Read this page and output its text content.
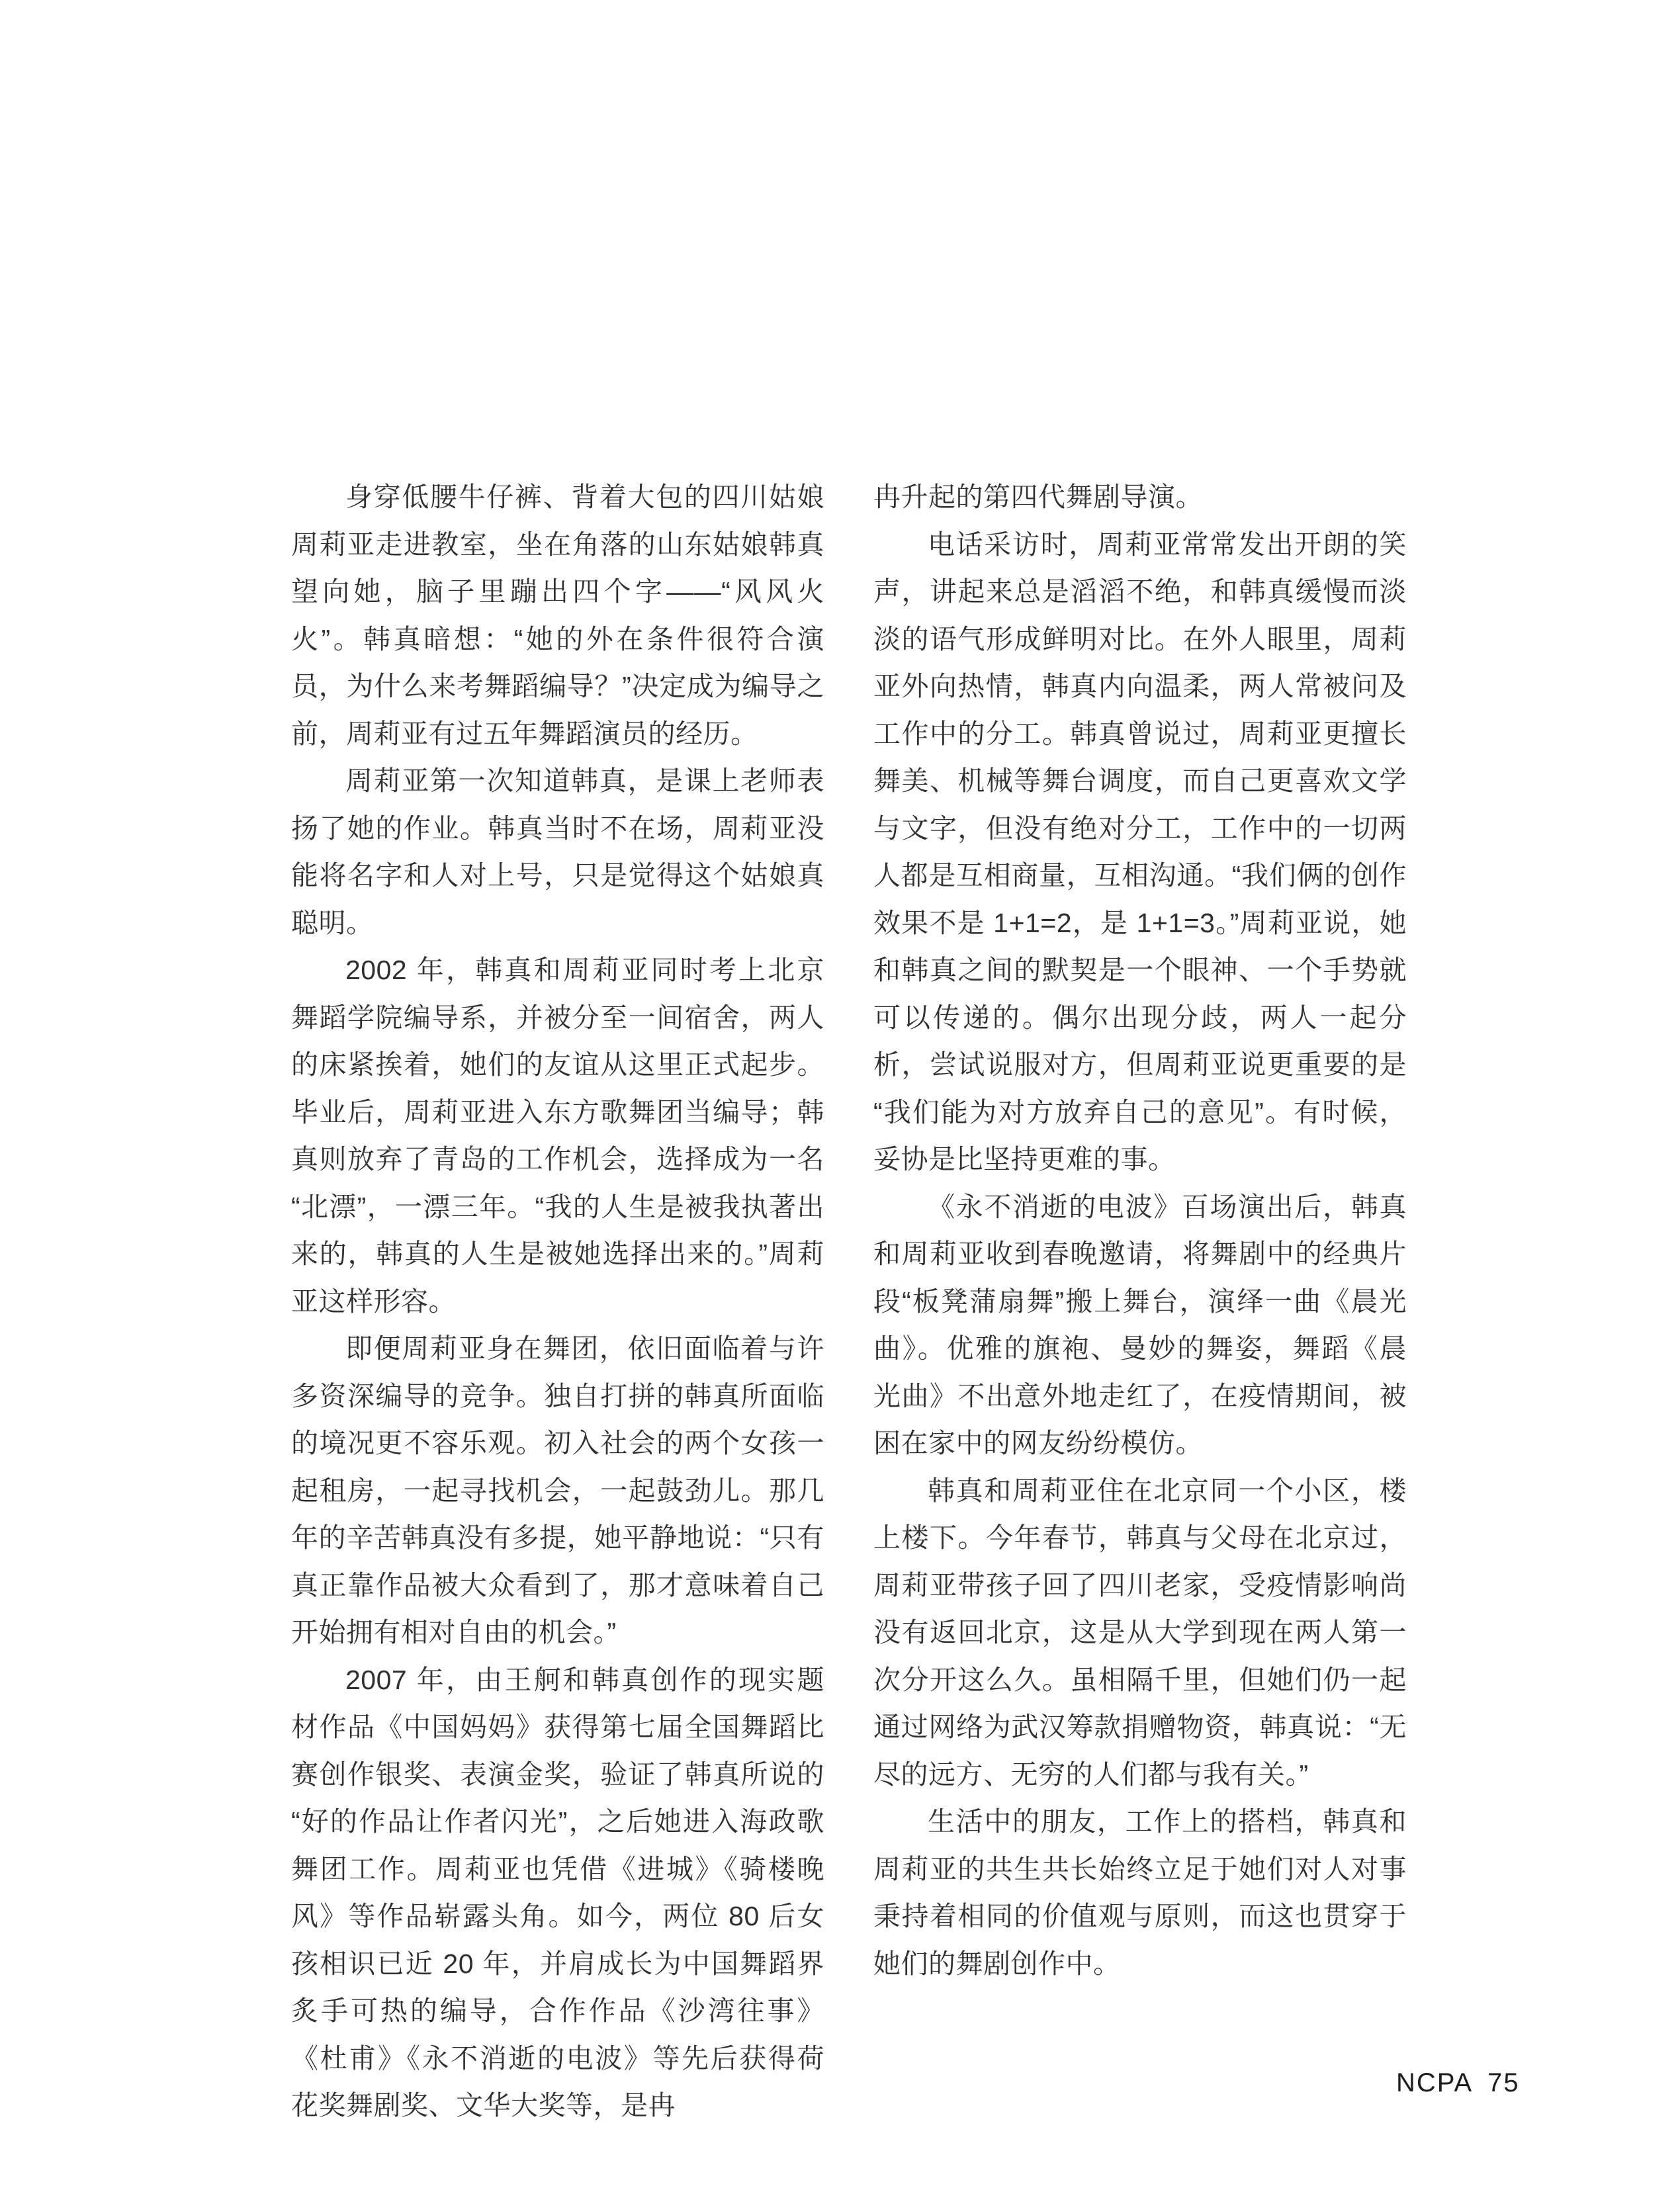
身穿低腰牛仔裤、背着大包的四川姑娘周莉亚走进教室，坐在角落的山东姑娘韩真望向她，脑子里蹦出四个字——“风风火火”。韩真暗想：“她的外在条件很符合演员，为什么来考舞蹈编导？”决定成为编导之前，周莉亚有过五年舞蹈演员的经历。

周莉亚第一次知道韩真，是课上老师表扬了她的作业。韩真当时不在场，周莉亚没能将名字和人对上号，只是觉得这个姑娘真聪明。

2002 年，韩真和周莉亚同时考上北京舞蹈学院编导系，并被分至一间宿舍，两人的床紧挨着，她们的友谊从这里正式起步。毕业后，周莉亚进入东方歌舞团当编导；韩真则放弃了青岛的工作机会，选择成为一名“北漂”，一漂三年。“我的人生是被我执著出来的，韩真的人生是被她选择出来的。”周莉亚这样形容。

即便周莉亚身在舞团，依旧面临着与许多资深编导的竞争。独自打拼的韩真所面临的境况更不容乐观。初入社会的两个女孩一起租房，一起寻找机会，一起鼓劲儿。那几年的辛苦韩真没有多提，她平静地说：“只有真正靠作品被大众看到了，那才意味着自己开始拥有相对自由的机会。”

2007 年，由王舸和韩真创作的现实题材作品《中国妈妈》获得第七届全国舞蹈比赛创作银奖、表演金奖，验证了韩真所说的“好的作品让作者闪光”，之后她进入海政歌舞团工作。周莉亚也凭借《进城》《骑楼晚风》等作品崭露头角。如今，两位 80 后女孩相识已近 20 年，并肩成长为中国舞蹈界炙手可热的编导，合作作品《沙湾往事》《杜甫》《永不消逝的电波》等先后获得荷花奖舞剧奖、文华大奖等，是冉

冉升起的第四代舞剧导演。

电话采访时，周莉亚常常发出开朗的笑声，讲起来总是滔滔不绝，和韩真缓慢而淡淡的语气形成鲜明对比。在外人眼里，周莉亚外向热情，韩真内向温柔，两人常被问及工作中的分工。韩真曾说过，周莉亚更擅长舞美、机械等舞台调度，而自己更喜欢文学与文字，但没有绝对分工，工作中的一切两人都是互相商量，互相沟通。“我们俩的创作效果不是 1+1=2，是 1+1=3。”周莉亚说，她和韩真之间的默契是一个眼神、一个手势就可以传递的。偶尔出现分歧，两人一起分析，尝试说服对方，但周莉亚说更重要的是“我们能为对方放弃自己的意见”。有时候，妥协是比坚持更难的事。

《永不消逝的电波》百场演出后，韩真和周莉亚收到春晚邀请，将舞剧中的经典片段“板凳蒲扇舞”搬上舞台，演绎一曲《晨光曲》。优雅的旗袍、曼妙的舞姿，舞蹈《晨光曲》不出意外地走红了，在疫情期间，被困在家中的网友纷纷模仿。

韩真和周莉亚住在北京同一个小区，楼上楼下。今年春节，韩真与父母在北京过，周莉亚带孩子回了四川老家，受疫情影响尚没有返回北京，这是从大学到现在两人第一次分开这么久。虽相隔千里，但她们仍一起通过网络为武汉筹款捐赠物资，韩真说：“无尽的远方、无穷的人们都与我有关。”

生活中的朋友，工作上的搭档，韩真和周莉亚的共生共长始终立足于她们对人对事秉持着相同的价值观与原则，而这也贯穿于她们的舞剧创作中。

NCPA 75
